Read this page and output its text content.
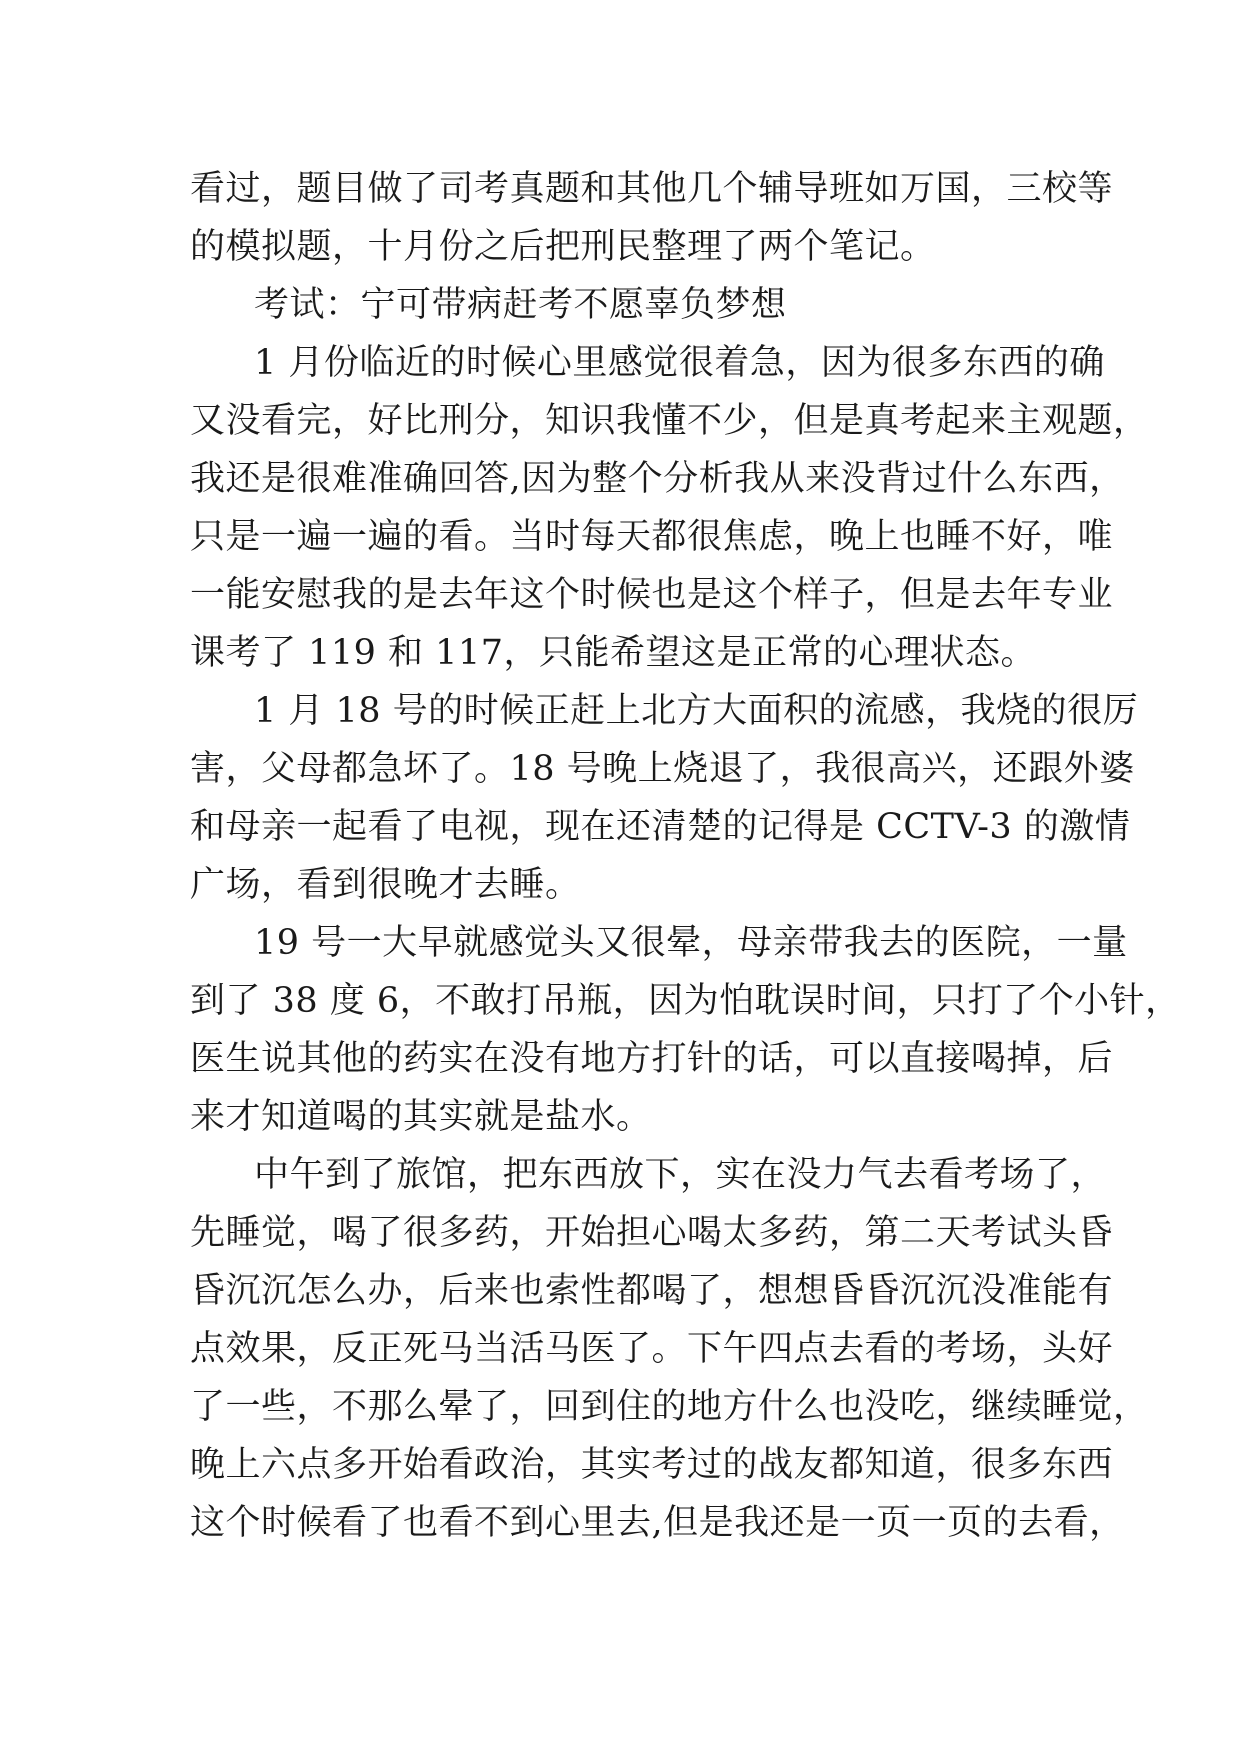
看过，题目做了司考真题和其他几个辅导班如万国，三校等
的模拟题，十月份之后把刑民整理了两个笔记。
考试：宁可带病赶考不愿辜负梦想
1 月份临近的时候心里感觉很着急，因为很多东西的确
又没看完，好比刑分，知识我懂不少，但是真考起来主观题，
我还是很难准确回答,因为整个分析我从来没背过什么东西，
只是一遍一遍的看。当时每天都很焦虑，晚上也睡不好，唯
一能安慰我的是去年这个时候也是这个样子，但是去年专业
课考了 119 和 117，只能希望这是正常的心理状态。
1 月 18 号的时候正赶上北方大面积的流感，我烧的很厉
害，父母都急坏了。18 号晚上烧退了，我很高兴，还跟外婆
和母亲一起看了电视，现在还清楚的记得是 CCTV-3 的激情
广场，看到很晚才去睡。
19 号一大早就感觉头又很晕，母亲带我去的医院，一量
到了 38 度 6，不敢打吊瓶，因为怕耽误时间，只打了个小针，
医生说其他的药实在没有地方打针的话，可以直接喝掉，后
来才知道喝的其实就是盐水。
中午到了旅馆，把东西放下，实在没力气去看考场了，
先睡觉，喝了很多药，开始担心喝太多药，第二天考试头昏
昏沉沉怎么办，后来也索性都喝了，想想昏昏沉沉没准能有
点效果，反正死马当活马医了。下午四点去看的考场，头好
了一些，不那么晕了，回到住的地方什么也没吃，继续睡觉，
晚上六点多开始看政治，其实考过的战友都知道，很多东西
这个时候看了也看不到心里去,但是我还是一页一页的去看，
